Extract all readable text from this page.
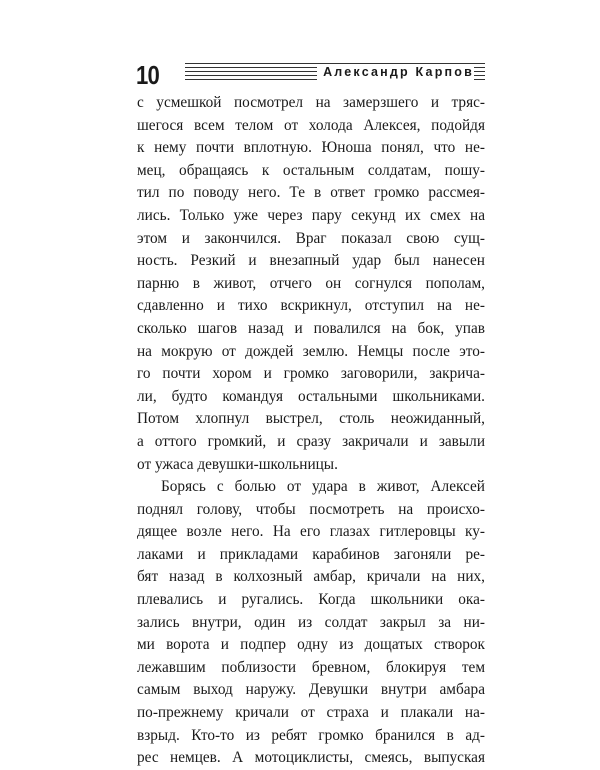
10	Александр Карпов
с усмешкой посмотрел на замерзшего и тряс-
шегося всем телом от холода Алексея, подойдя
к нему почти вплотную. Юноша понял, что не-
мец, обращаясь к остальным солдатам, пошу-
тил по поводу него. Те в ответ громко рассмея-
лись. Только уже через пару секунд их смех на
этом и закончился. Враг показал свою сущ-
ность. Резкий и внезапный удар был нанесен
парню в живот, отчего он согнулся пополам,
сдавленно и тихо вскрикнул, отступил на не-
сколько шагов назад и повалился на бок, упав
на мокрую от дождей землю. Немцы после это-
го почти хором и громко заговорили, закрича-
ли, будто командуя остальными школьниками.
Потом хлопнул выстрел, столь неожиданный,
а оттого громкий, и сразу закричали и завыли
от ужаса девушки-школьницы.
Борясь с болью от удара в живот, Алексей
поднял голову, чтобы посмотреть на происхо-
дящее возле него. На его глазах гитлеровцы ку-
лаками и прикладами карабинов загоняли ре-
бят назад в колхозный амбар, кричали на них,
плевались и ругались. Когда школьники ока-
зались внутри, один из солдат закрыл за ни-
ми ворота и подпер одну из дощатых створок
лежавшим поблизости бревном, блокируя тем
самым выход наружу. Девушки внутри амбара
по-прежнему кричали от страха и плакали на-
взрыд. Кто-то из ребят громко бранился в ад-
рес немцев. А мотоциклисты, смеясь, выпуская
